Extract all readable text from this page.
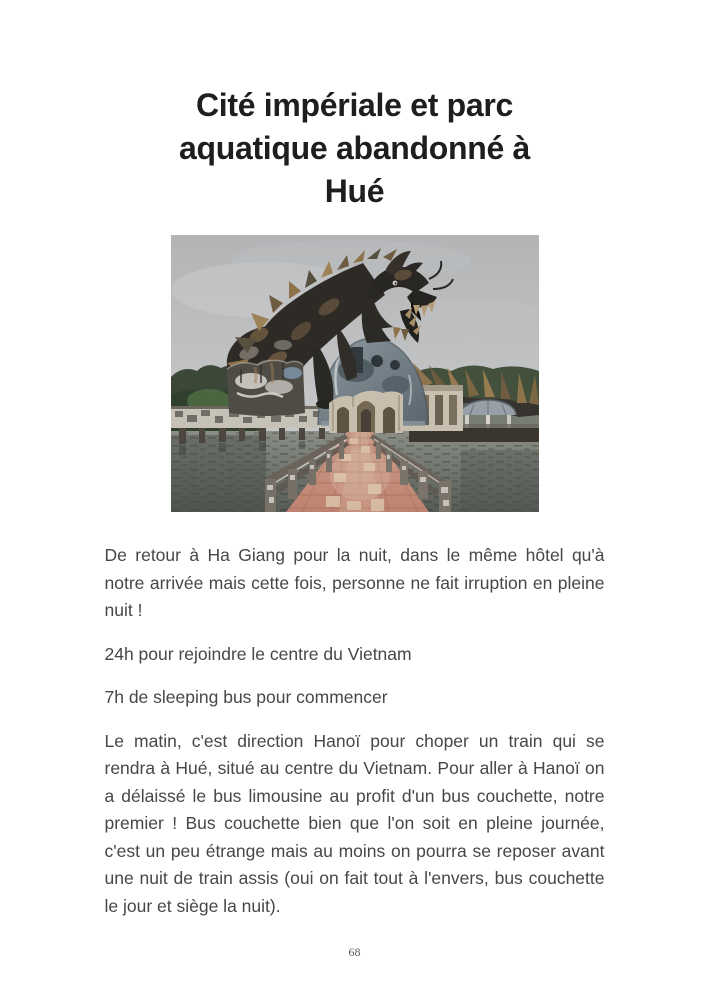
Cité impériale et parc
aquatique abandonné à
Hué

De retour à Ha Giang pour la nuit, dans le même hôtel qu'à notre arrivée mais cette fois, personne ne fait irruption en pleine nuit !

24h pour rejoindre le centre du Vietnam

7h de sleeping bus pour commencer

Le matin, c'est direction Hanoï pour choper un train qui se rendra à Hué, situé au centre du Vietnam. Pour aller à Hanoï on a délaissé le bus limousine au profit d'un bus couchette, notre premier ! Bus couchette bien que l'on soit en pleine journée, c'est un peu étrange mais au moins on pourra se reposer avant une nuit de train assis (oui on fait tout à l'envers, bus couchette le jour et siège la nuit).

68
